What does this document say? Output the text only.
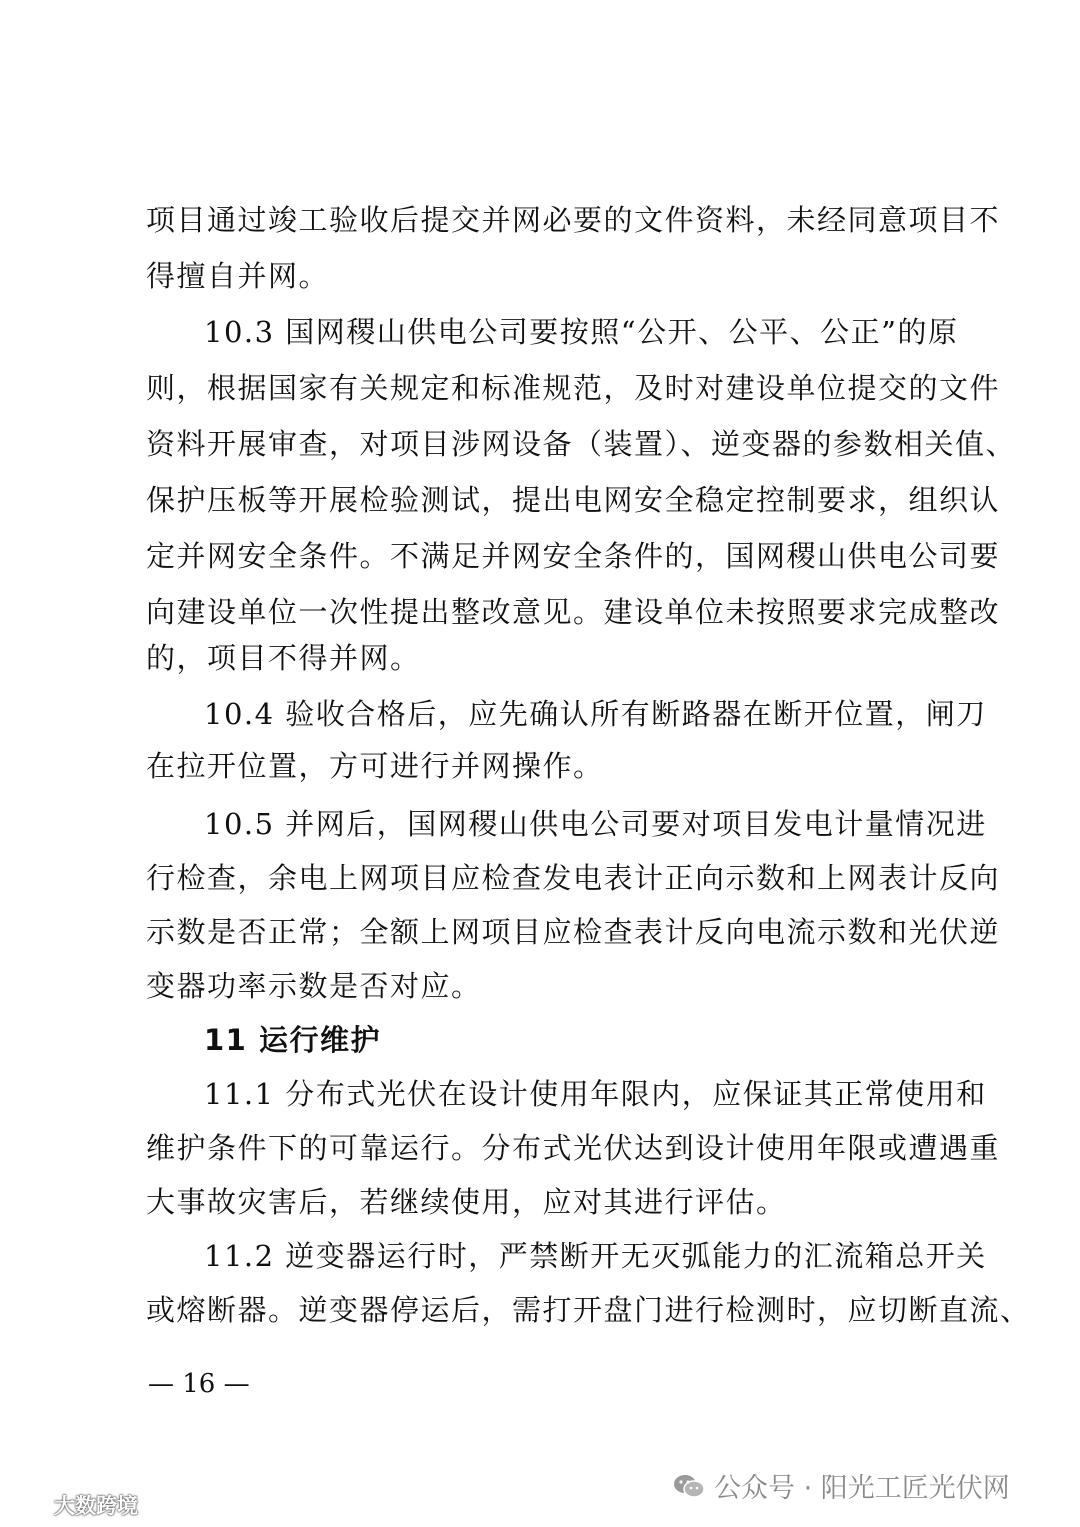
项目通过竣工验收后提交并网必要的文件资料，未经同意项目不
得擅自并网。
10.3 国网稷山供电公司要按照“公开、公平、公正”的原
则，根据国家有关规定和标准规范，及时对建设单位提交的文件
资料开展审查，对项目涉网设备（装置）、逆变器的参数相关值、
保护压板等开展检验测试，提出电网安全稳定控制要求，组织认
定并网安全条件。不满足并网安全条件的，国网稷山供电公司要
向建设单位一次性提出整改意见。建设单位未按照要求完成整改
的，项目不得并网。
10.4 验收合格后，应先确认所有断路器在断开位置，闸刀
在拉开位置，方可进行并网操作。
10.5 并网后，国网稷山供电公司要对项目发电计量情况进
行检查，余电上网项目应检查发电表计正向示数和上网表计反向
示数是否正常；全额上网项目应检查表计反向电流示数和光伏逆
变器功率示数是否对应。
11 运行维护
11.1 分布式光伏在设计使用年限内，应保证其正常使用和
维护条件下的可靠运行。分布式光伏达到设计使用年限或遭遇重
大事故灾害后，若继续使用，应对其进行评估。
11.2 逆变器运行时，严禁断开无灭弧能力的汇流箱总开关
或熔断器。逆变器停运后，需打开盘门进行检测时，应切断直流、
— 16 —
公众号 · 阳光工匠光伏网
大数跨境
